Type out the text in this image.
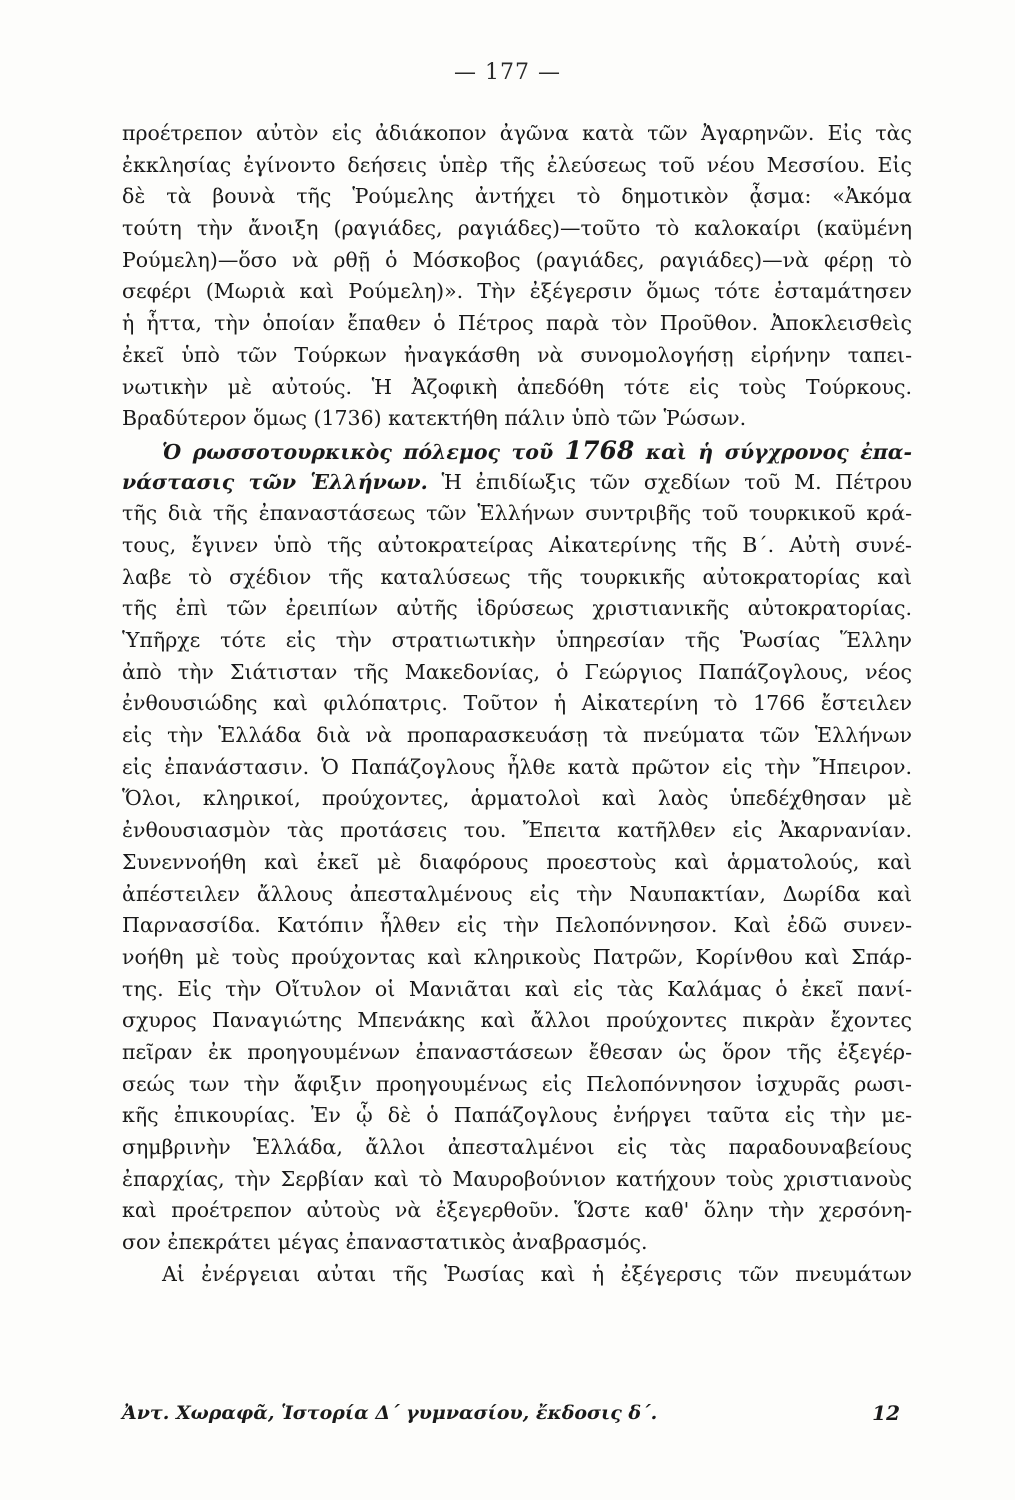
— 177 —
προέτρεπον αὐτὸν εἰς ἀδιάκοπον ἀγῶνα κατὰ τῶν Ἀγαρηνῶν. Εἰς τὰς
ἐκκλησίας ἐγίνοντο δεήσεις ὑπὲρ τῆς ἐλεύσεως τοῦ νέου Μεσσίου. Εἰς
δὲ τὰ βουνὰ τῆς Ῥούμελης ἀντήχει τὸ δημοτικὸν ᾆσμα: «Ἀκόμα
τούτη τὴν ἄνοιξη (ραγιάδες, ραγιάδες)—τοῦτο τὸ καλοκαίρι (καϋμένη
Ρούμελη)—ὅσο νὰ ρθῇ ὁ Μόσκοβος (ραγιάδες, ραγιάδες)—νὰ φέρῃ τὸ
σεφέρι (Μωριὰ καὶ Ρούμελη)». Τὴν ἐξέγερσιν ὅμως τότε ἐσταμάτησεν
ἡ ἧττα, τὴν ὁποίαν ἔπαθεν ὁ Πέτρος παρὰ τὸν Προῦθον. Ἀποκλεισθεὶς
ἐκεῖ ὑπὸ τῶν Τούρκων ἠναγκάσθη νὰ συνομολογήσῃ εἰρήνην ταπει-
νωτικὴν μὲ αὐτούς. Ἡ Ἀζοφικὴ ἀπεδόθη τότε εἰς τοὺς Τούρκους.
Βραδύτερον ὅμως (1736) κατεκτήθη πάλιν ὑπὸ τῶν Ῥώσων.
Ὁ ρωσσοτουρκικὸς πόλεμος τοῦ 1768 καὶ ἡ σύγχρονος ἐπα-
νάστασις τῶν Ἑλλήνων. Ἡ ἐπιδίωξις τῶν σχεδίων τοῦ Μ. Πέτρου
τῆς διὰ τῆς ἐπαναστάσεως τῶν Ἑλλήνων συντριβῆς τοῦ τουρκικοῦ κρά-
τους, ἔγινεν ὑπὸ τῆς αὐτοκρατείρας Αἰκατερίνης τῆς Β΄. Αὐτὴ συνέ-
λαβε τὸ σχέδιον τῆς καταλύσεως τῆς τουρκικῆς αὐτοκρατορίας καὶ
τῆς ἐπὶ τῶν ἐρειπίων αὐτῆς ἱδρύσεως χριστιανικῆς αὐτοκρατορίας.
Ὑπῆρχε τότε εἰς τὴν στρατιωτικὴν ὑπηρεσίαν τῆς Ῥωσίας Ἕλλην
ἀπὸ τὴν Σιάτισταν τῆς Μακεδονίας, ὁ Γεώργιος Παπάζογλους, νέος
ἐνθουσιώδης καὶ φιλόπατρις. Τοῦτον ἡ Αἰκατερίνη τὸ 1766 ἔστειλεν
εἰς τὴν Ἑλλάδα διὰ νὰ προπαρασκευάσῃ τὰ πνεύματα τῶν Ἑλλήνων
εἰς ἐπανάστασιν. Ὁ Παπάζογλους ἦλθε κατὰ πρῶτον εἰς τὴν Ἤπειρον.
Ὅλοι, κληρικοί, προύχοντες, ἁρματολοὶ καὶ λαὸς ὑπεδέχθησαν μὲ
ἐνθουσιασμὸν τὰς προτάσεις του. Ἔπειτα κατῆλθεν εἰς Ἀκαρνανίαν.
Συνεννοήθη καὶ ἐκεῖ μὲ διαφόρους προεστοὺς καὶ ἁρματολούς, καὶ
ἀπέστειλεν ἄλλους ἀπεσταλμένους εἰς τὴν Ναυπακτίαν, Δωρίδα καὶ
Παρνασσίδα. Κατόπιν ἦλθεν εἰς τὴν Πελοπόννησον. Καὶ ἐδῶ συνεν-
νοήθη μὲ τοὺς προύχοντας καὶ κληρικοὺς Πατρῶν, Κορίνθου καὶ Σπάρ-
της. Εἰς τὴν Οἴτυλον οἱ Μανιᾶται καὶ εἰς τὰς Καλάμας ὁ ἐκεῖ πανί-
σχυρος Παναγιώτης Μπενάκης καὶ ἄλλοι προύχοντες πικρὰν ἔχοντες
πεῖραν ἐκ προηγουμένων ἐπαναστάσεων ἔθεσαν ὡς ὅρον τῆς ἐξεγέρ-
σεώς των τὴν ἄφιξιν προηγουμένως εἰς Πελοπόννησον ἰσχυρᾶς ρωσι-
κῆς ἐπικουρίας. Ἐν ᾧ δὲ ὁ Παπάζογλους ἐνήργει ταῦτα εἰς τὴν με-
σημβρινὴν Ἑλλάδα, ἄλλοι ἀπεσταλμένοι εἰς τὰς παραδουναβείους
ἐπαρχίας, τὴν Σερβίαν καὶ τὸ Μαυροβούνιον κατήχουν τοὺς χριστιανοὺς
καὶ προέτρεπον αὐτοὺς νὰ ἐξεγερθοῦν. Ὥστε καθ' ὅλην τὴν χερσόνη-
σον ἐπεκράτει μέγας ἐπαναστατικὸς ἀναβρασμός.
Αἱ ἐνέργειαι αὐται τῆς Ῥωσίας καὶ ἡ ἐξέγερσις τῶν πνευμάτων
Ἀντ. Χωραφᾶ, Ἱστορία Δ΄ γυμνασίου, ἔκδοσις δ΄.	12
